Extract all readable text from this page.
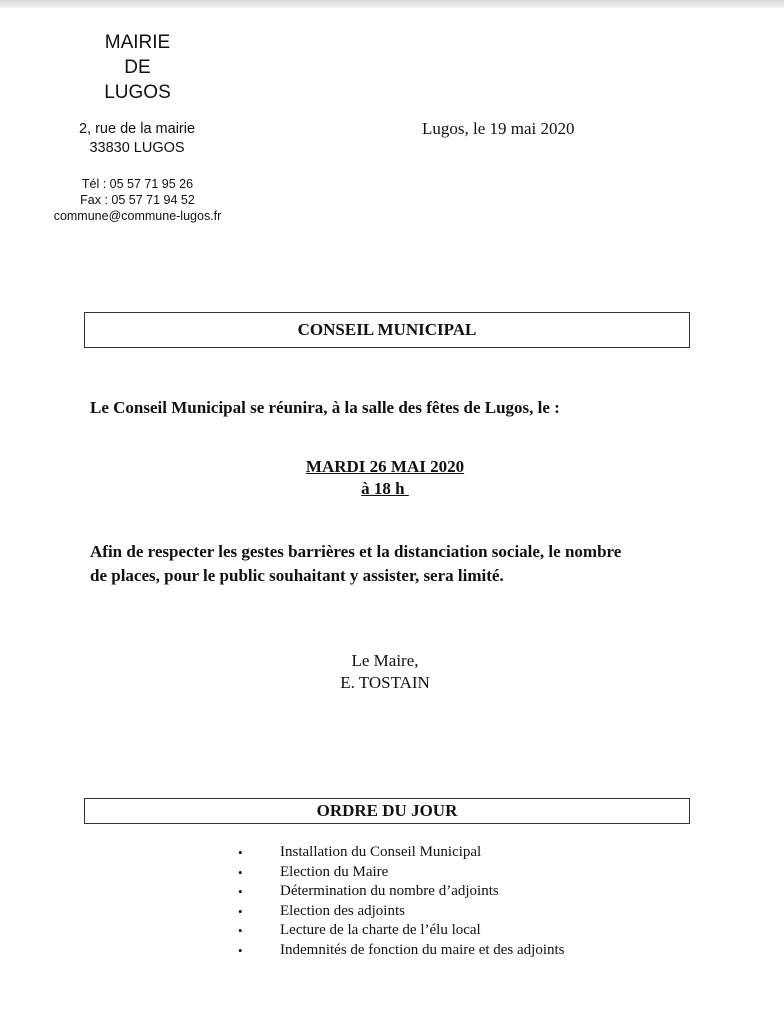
MAIRIE
DE
LUGOS
2, rue de la mairie
33830 LUGOS
Tél : 05 57 71 95 26
Fax : 05 57 71 94 52
commune@commune-lugos.fr
Lugos, le 19 mai 2020
CONSEIL MUNICIPAL
Le Conseil Municipal se réunira, à la salle des fêtes de Lugos, le :
MARDI 26 MAI 2020
à 18 h
Afin de respecter les gestes barrières et la distanciation sociale, le nombre
de places, pour le public souhaitant y assister, sera limité.
Le Maire,
E. TOSTAIN
ORDRE DU JOUR
• Installation du Conseil Municipal
• Election du Maire
• Détermination du nombre d’adjoints
• Election des adjoints
• Lecture de la charte de l’élu local
• Indemnités de fonction du maire et des adjoints
